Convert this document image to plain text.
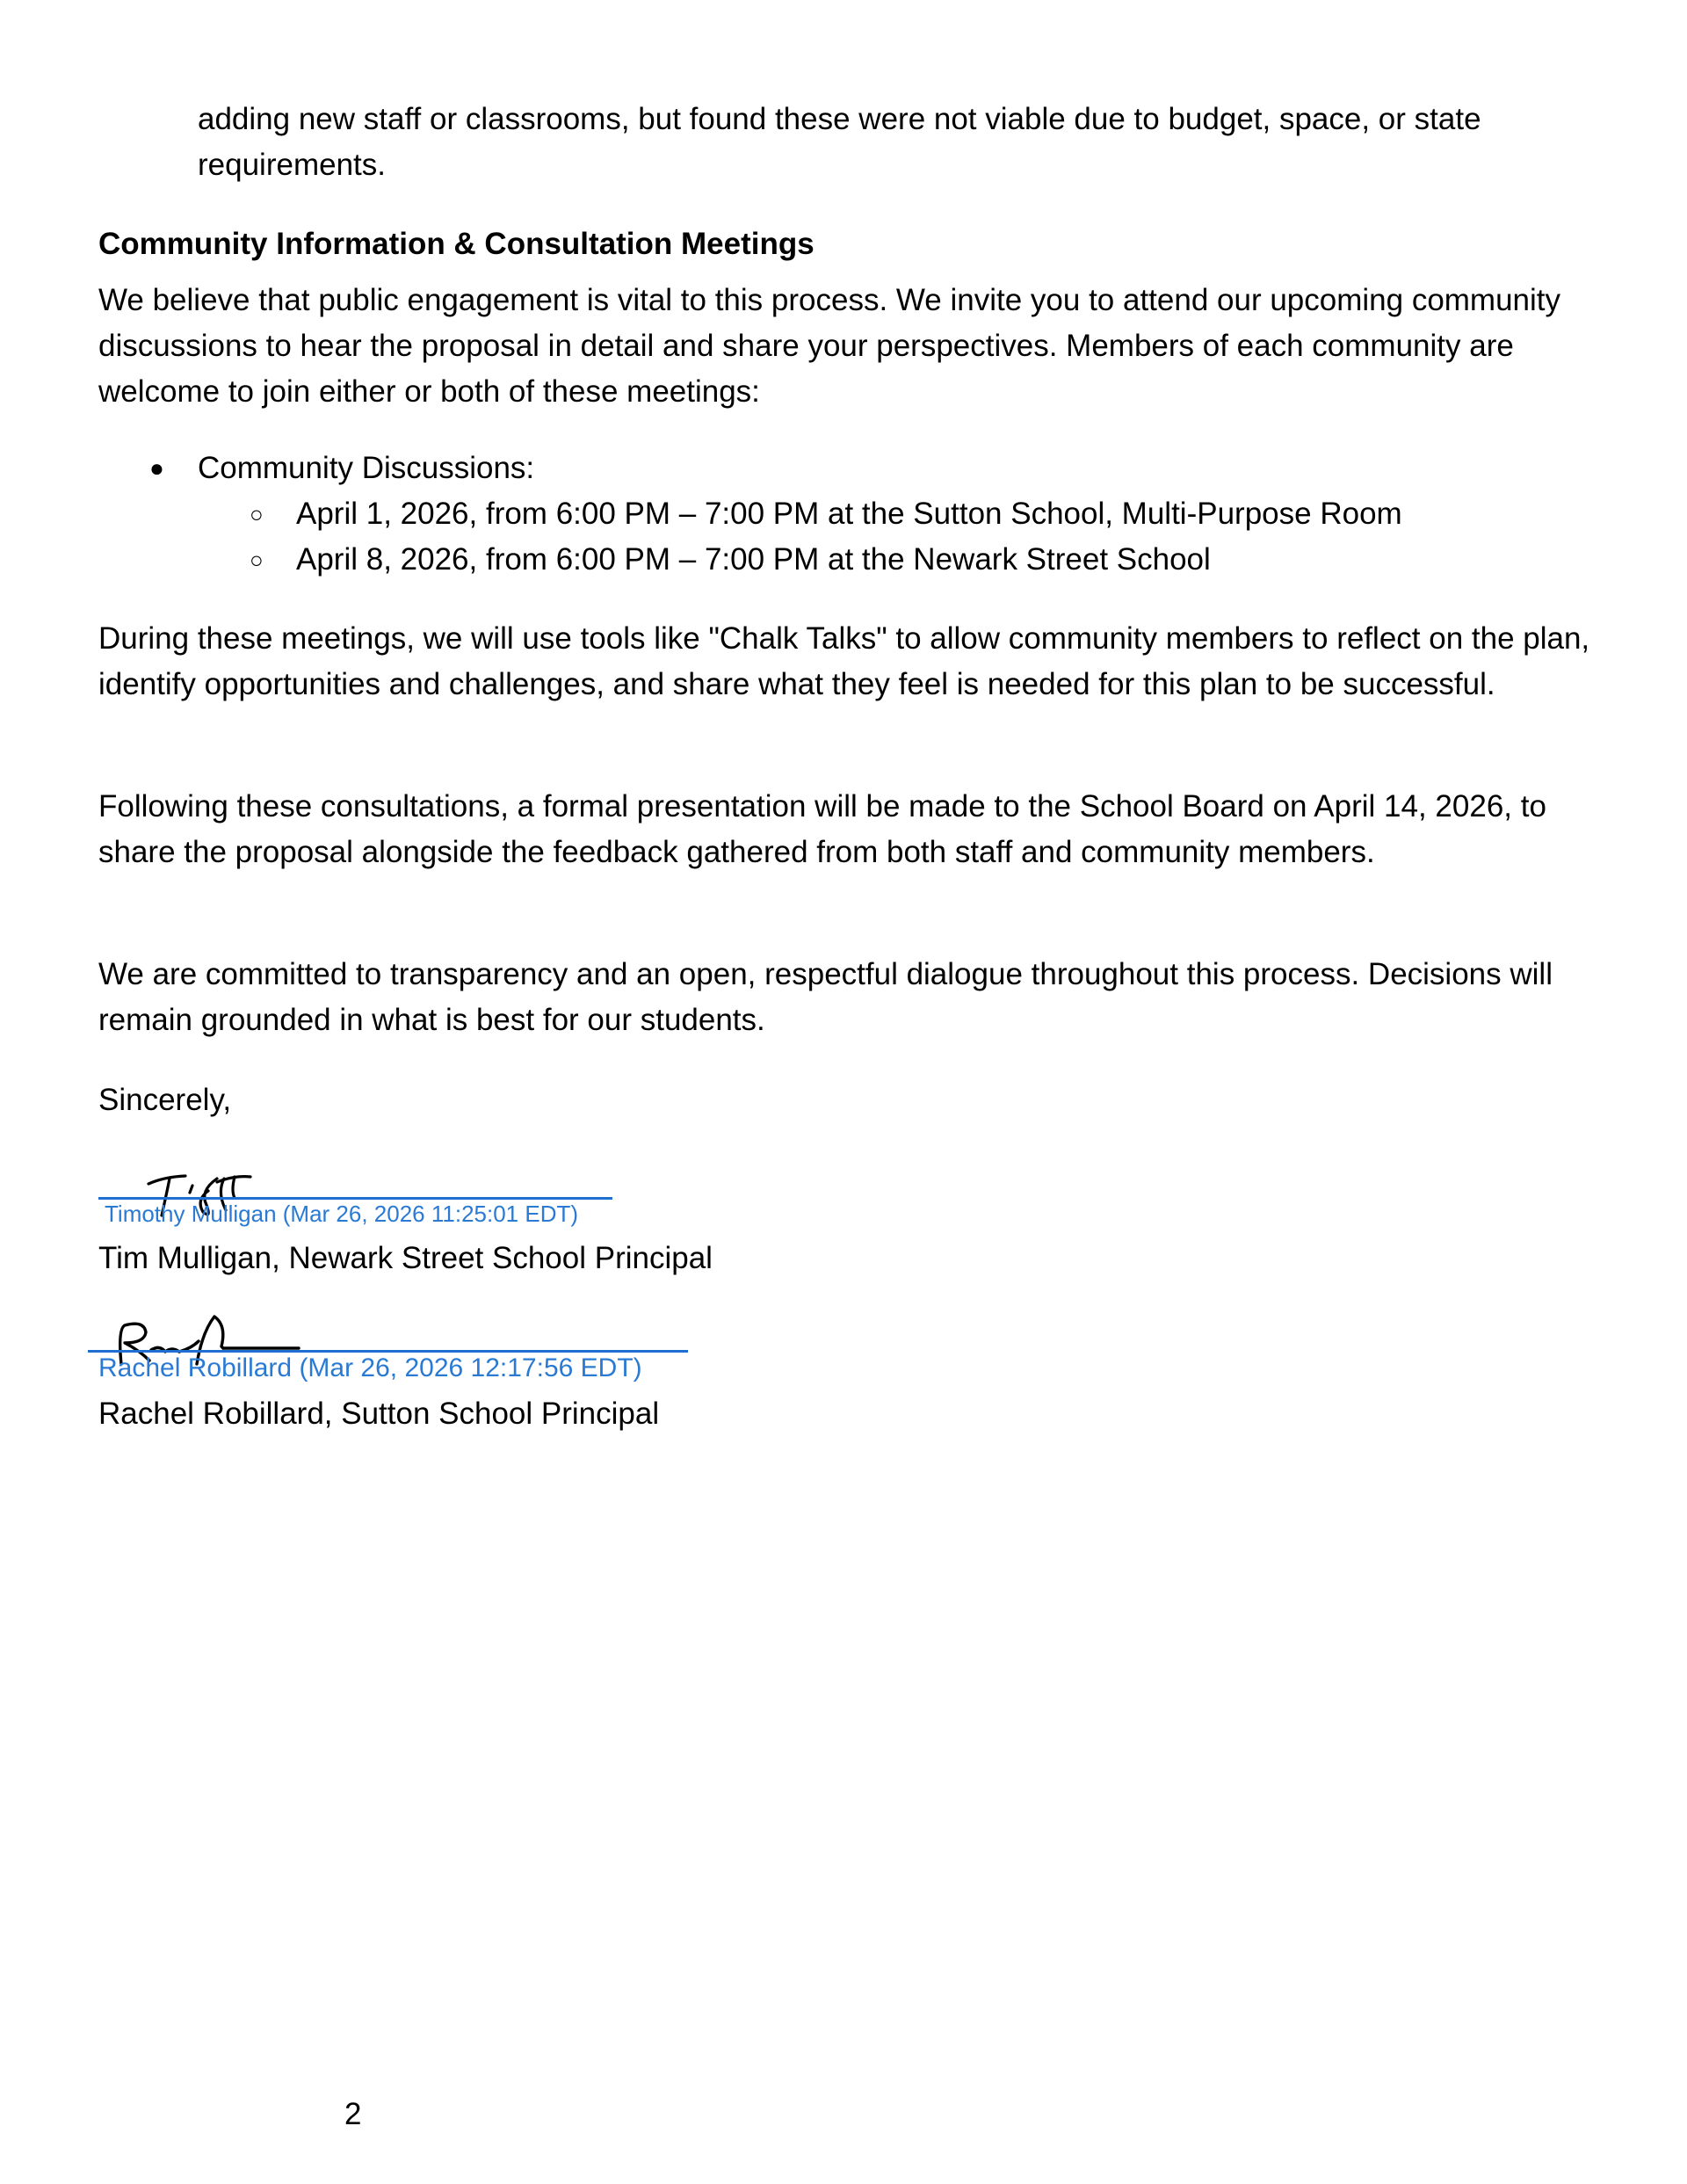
adding new staff or classrooms, but found these were not viable due to budget, space, or state requirements.

Community Information & Consultation Meetings

We believe that public engagement is vital to this process. We invite you to attend our upcoming community discussions to hear the proposal in detail and share your perspectives. Members of each community are welcome to join either or both of these meetings:

● Community Discussions:
○ April 1, 2026, from 6:00 PM – 7:00 PM at the Sutton School, Multi-Purpose Room
○ April 8, 2026, from 6:00 PM – 7:00 PM at the Newark Street School

During these meetings, we will use tools like "Chalk Talks" to allow community members to reflect on the plan, identify opportunities and challenges, and share what they feel is needed for this plan to be successful.

Following these consultations, a formal presentation will be made to the School Board on April 14, 2026, to share the proposal alongside the feedback gathered from both staff and community members.

We are committed to transparency and an open, respectful dialogue throughout this process. Decisions will remain grounded in what is best for our students.

Sincerely,

Timothy Mulligan (Mar 26, 2026 11:25:01 EDT)

Tim Mulligan, Newark Street School Principal

Rachel Robillard (Mar 26, 2026 12:17:56 EDT)

Rachel Robillard, Sutton School Principal

2
